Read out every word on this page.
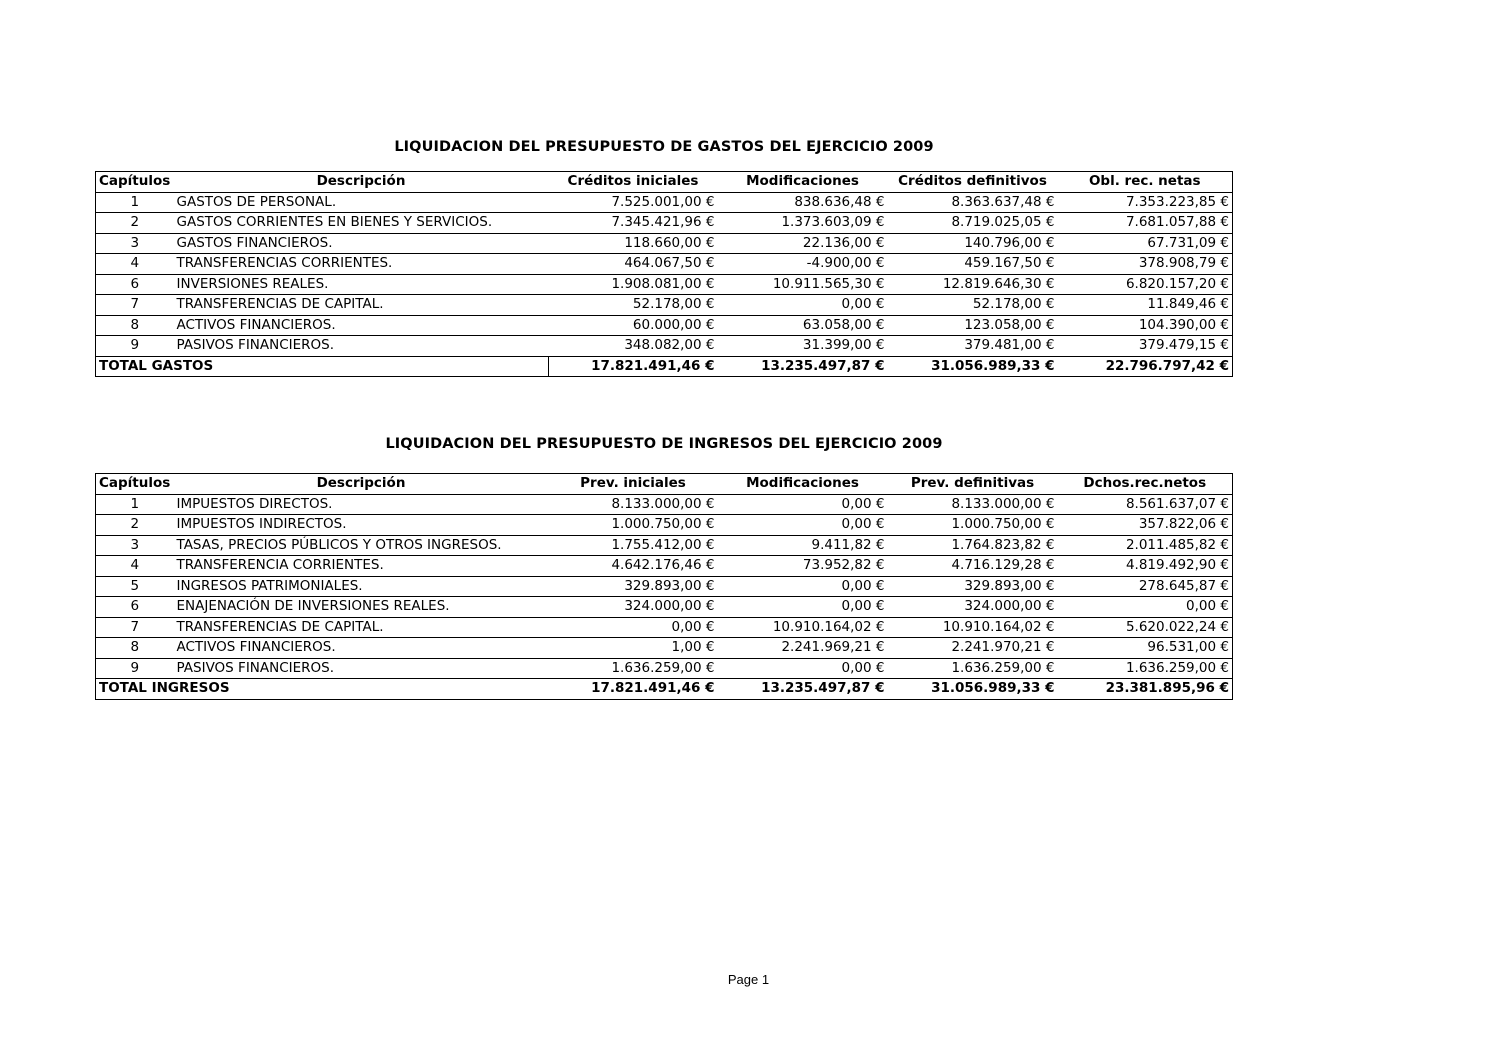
LIQUIDACION DEL PRESUPUESTO DE GASTOS DEL EJERCICIO 2009
Capítulos	Descripción	Créditos iniciales	Modificaciones	Créditos definitivos	Obl. rec. netas
1	GASTOS DE PERSONAL.	7.525.001,00 €	838.636,48 €	8.363.637,48 €	7.353.223,85 €
2	GASTOS CORRIENTES EN BIENES Y SERVICIOS.	7.345.421,96 €	1.373.603,09 €	8.719.025,05 €	7.681.057,88 €
3	GASTOS FINANCIEROS.	118.660,00 €	22.136,00 €	140.796,00 €	67.731,09 €
4	TRANSFERENCIAS CORRIENTES.	464.067,50 €	-4.900,00 €	459.167,50 €	378.908,79 €
6	INVERSIONES REALES.	1.908.081,00 €	10.911.565,30 €	12.819.646,30 €	6.820.157,20 €
7	TRANSFERENCIAS DE CAPITAL.	52.178,00 €	0,00 €	52.178,00 €	11.849,46 €
8	ACTIVOS FINANCIEROS.	60.000,00 €	63.058,00 €	123.058,00 €	104.390,00 €
9	PASIVOS FINANCIEROS.	348.082,00 €	31.399,00 €	379.481,00 €	379.479,15 €
TOTAL GASTOS		17.821.491,46 €	13.235.497,87 €	31.056.989,33 €	22.796.797,42 €
LIQUIDACION DEL PRESUPUESTO DE INGRESOS DEL EJERCICIO 2009
Capítulos	Descripción	Prev. iniciales	Modificaciones	Prev. definitivas	Dchos.rec.netos
1	IMPUESTOS DIRECTOS.	8.133.000,00 €	0,00 €	8.133.000,00 €	8.561.637,07 €
2	IMPUESTOS INDIRECTOS.	1.000.750,00 €	0,00 €	1.000.750,00 €	357.822,06 €
3	TASAS, PRECIOS PÚBLICOS Y OTROS INGRESOS.	1.755.412,00 €	9.411,82 €	1.764.823,82 €	2.011.485,82 €
4	TRANSFERENCIA CORRIENTES.	4.642.176,46 €	73.952,82 €	4.716.129,28 €	4.819.492,90 €
5	INGRESOS PATRIMONIALES.	329.893,00 €	0,00 €	329.893,00 €	278.645,87 €
6	ENAJENACIÓN DE INVERSIONES REALES.	324.000,00 €	0,00 €	324.000,00 €	0,00 €
7	TRANSFERENCIAS DE CAPITAL.	0,00 €	10.910.164,02 €	10.910.164,02 €	5.620.022,24 €
8	ACTIVOS FINANCIEROS.	1,00 €	2.241.969,21 €	2.241.970,21 €	96.531,00 €
9	PASIVOS FINANCIEROS.	1.636.259,00 €	0,00 €	1.636.259,00 €	1.636.259,00 €
TOTAL INGRESOS		17.821.491,46 €	13.235.497,87 €	31.056.989,33 €	23.381.895,96 €
Page 1
